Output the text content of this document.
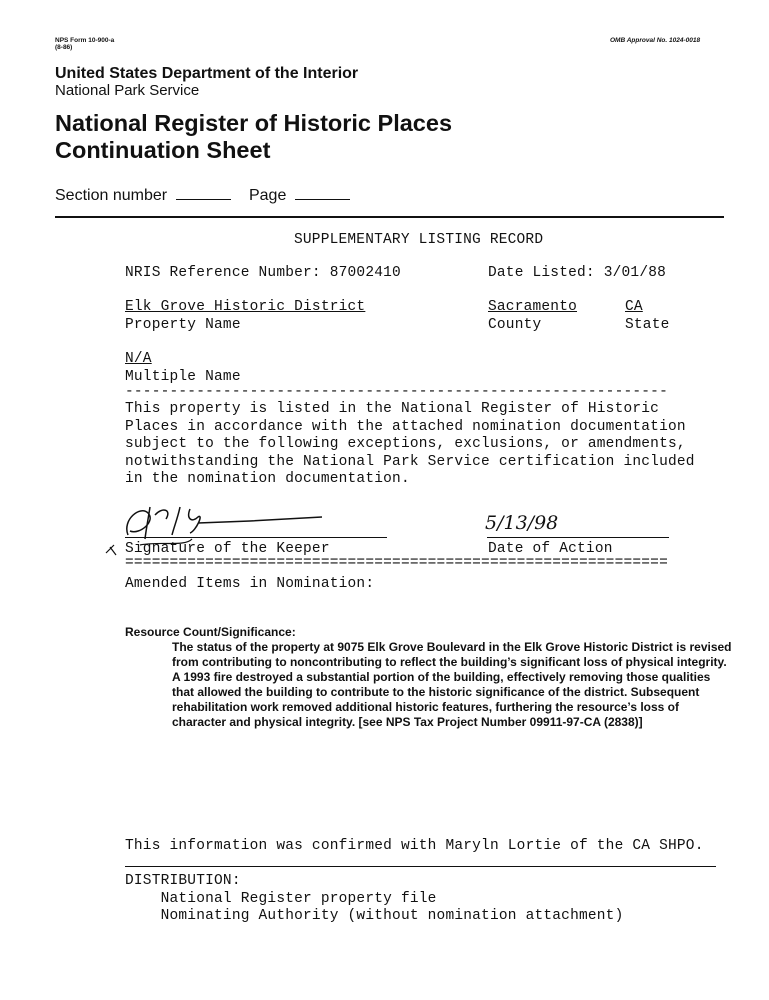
NPS Form 10-900-a
(8-86)
OMB Approval No. 1024-0018
United States Department of the Interior
National Park Service
National Register of Historic Places
Continuation Sheet
Section number	Page
SUPPLEMENTARY LISTING RECORD
NRIS Reference Number: 87002410	Date Listed: 3/01/88
Elk Grove Historic District
Property Name
Sacramento
County
CA
State
N/A
Multiple Name
-------------------------------------------------------------
This property is listed in the National Register of Historic
Places in accordance with the attached nomination documentation
subject to the following exceptions, exclusions, or amendments,
notwithstanding the National Park Service certification included
in the nomination documentation.
Signature of the Keeper
5/13/98
Date of Action
=============================================================
Amended Items in Nomination:
Resource Count/Significance:
The status of the property at 9075 Elk Grove Boulevard in the Elk Grove Historic District is revised from contributing to noncontributing to reflect the building’s significant loss of physical integrity. A 1993 fire destroyed a substantial portion of the building, effectively removing those qualities that allowed the building to contribute to the historic significance of the district. Subsequent rehabilitation work removed additional historic features, furthering the resource’s loss of character and physical integrity. [see NPS Tax Project Number 09911-97-CA (2838)]
This information was confirmed with Maryln Lortie of the CA SHPO.
DISTRIBUTION:
National Register property file
Nominating Authority (without nomination attachment)
